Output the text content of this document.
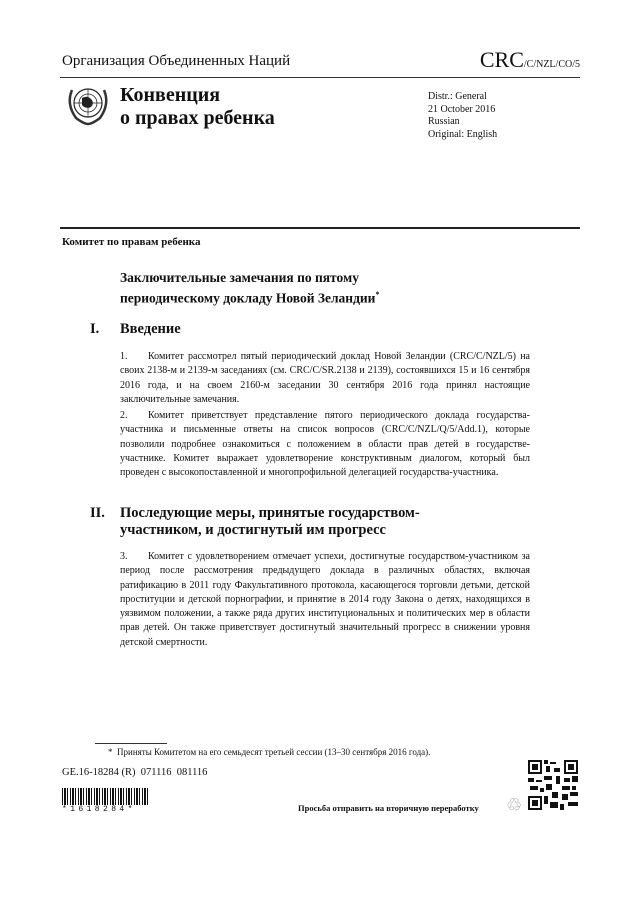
Организация Объединенных Наций	CRC/C/NZL/CO/5
Конвенция
о правах ребенка
Distr.: General
21 October 2016
Russian
Original: English
Комитет по правам ребенка
Заключительные замечания по пятому
периодическому докладу Новой Зеландии*
I. Введение
1. Комитет рассмотрел пятый периодический доклад Новой Зеландии (CRC/C/NZL/5) на своих 2138-м и 2139-м заседаниях (см. CRC/C/SR.2138 и 2139), состоявшихся 15 и 16 сентября 2016 года, и на своем 2160-м заседании 30 сентября 2016 года принял настоящие заключительные замечания.
2. Комитет приветствует представление пятого периодического доклада государства-участника и письменные ответы на список вопросов (CRC/C/NZL/Q/5/Add.1), которые позволили подробнее ознакомиться с положением в области прав детей в государстве-участнике. Комитет выражает удовлетворение конструктивным диалогом, который был проведен с высокопоставленной и многопрофильной делегацией государства-участника.
II. Последующие меры, принятые государством-
участником, и достигнутый им прогресс
3. Комитет с удовлетворением отмечает успехи, достигнутые государством-участником за период после рассмотрения предыдущего доклада в различных областях, включая ратификацию в 2011 году Факультативного протокола, касающегося торговли детьми, детской проституции и детской порнографии, и принятие в 2014 году Закона о детях, находящихся в уязвимом положении, а также ряда других институциональных и политических мер в области прав детей. Он также приветствует достигнутый значительный прогресс в снижении уровня детской смертности.
* Приняты Комитетом на его семьдесят третьей сессии (13–30 сентября 2016 года).
GE.16-18284 (R)  071116  081116
*1618284*	Просьба отправить на вторичную переработку ♲
